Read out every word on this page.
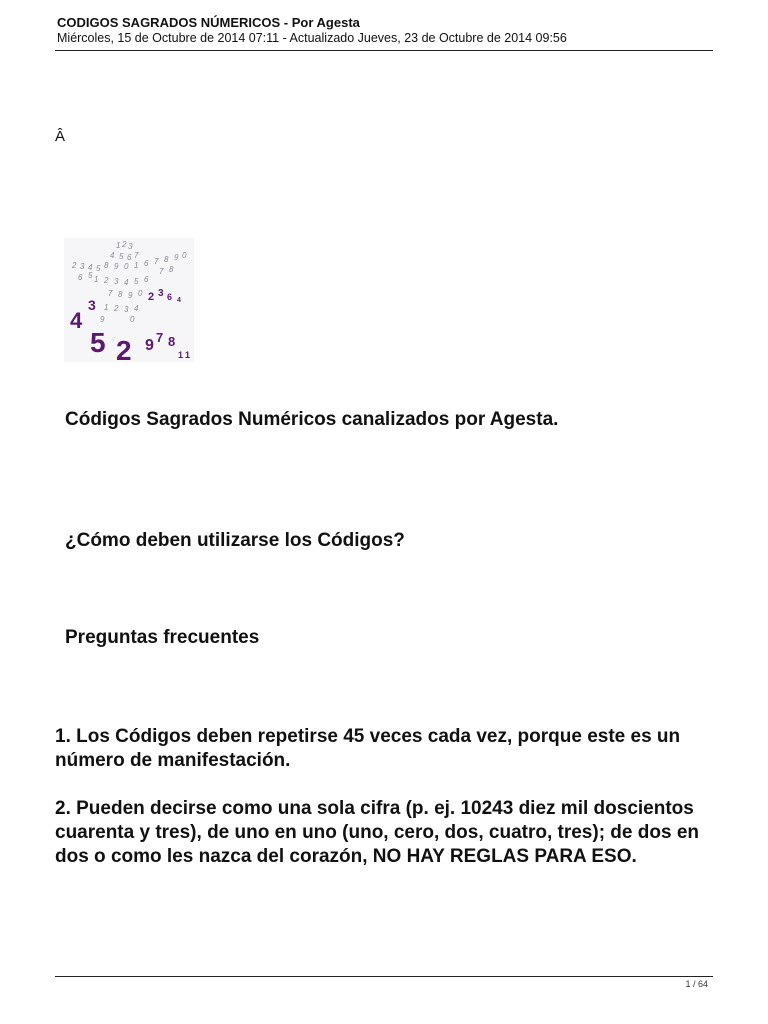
CODIGOS SAGRADOS NÚMERICOS - Por Agesta

Miércoles, 15 de Octubre de 2014 07:11 - Actualizado Jueves, 23 de Octubre de 2014 09:56

Â
1 2 3
4 5 6 7
8 9 0 1
2 3 4 5
6 7 8 9 0
1 2 3 4 5 6
7 8 9 0
1 2 3 4
5
6
7 8
9	0
4
3
5 2 9 7 8
1 1
2 3 6 4
Códigos Sagrados Numéricos canalizados por Agesta.
¿Cómo deben utilizarse los Códigos?
Preguntas frecuentes

1. Los Códigos deben repetirse 45 veces cada vez, porque este es un número de manifestación.

2. Pueden decirse como una sola cifra (p. ej. 10243 diez mil doscientos cuarenta y tres), de uno en uno (uno, cero, dos, cuatro, tres); de dos en dos o como les nazca del corazón, NO HAY REGLAS PARA ESO.

1 / 64
